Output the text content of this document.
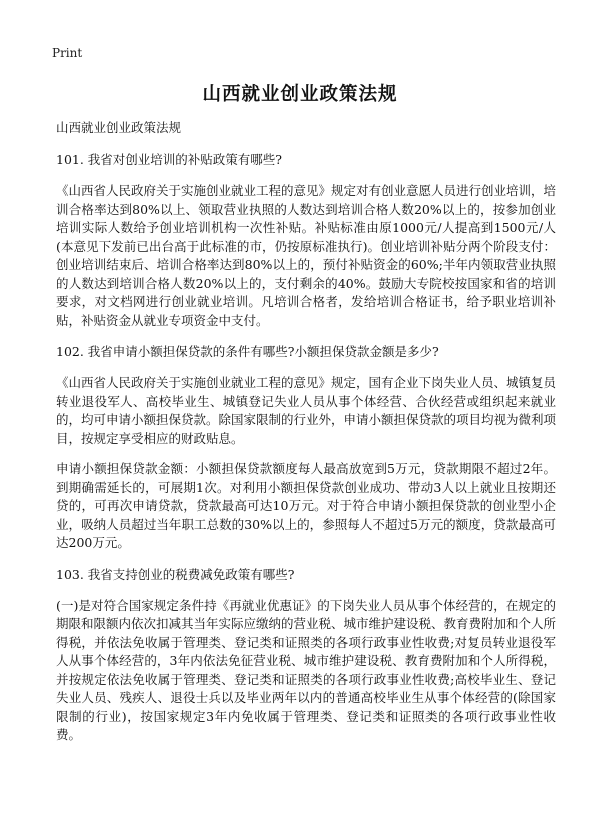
Print
山西就业创业政策法规
山西就业创业政策法规
101. 我省对创业培训的补贴政策有哪些?
《山西省人民政府关于实施创业就业工程的意见》规定对有创业意愿人员进行创业培训，培训合格率达到80%以上、领取营业执照的人数达到培训合格人数20%以上的，按参加创业培训实际人数给予创业培训机构一次性补贴。补贴标准由原1000元/人提高到1500元/人(本意见下发前已出台高于此标准的市，仍按原标准执行)。创业培训补贴分两个阶段支付：创业培训结束后、培训合格率达到80%以上的，预付补贴资金的60%;半年内领取营业执照的人数达到培训合格人数20%以上的，支付剩余的40%。鼓励大专院校按国家和省的培训要求，对文档网进行创业就业培训。凡培训合格者，发给培训合格证书，给予职业培训补贴，补贴资金从就业专项资金中支付。
102. 我省申请小额担保贷款的条件有哪些?小额担保贷款金额是多少?
《山西省人民政府关于实施创业就业工程的意见》规定，国有企业下岗失业人员、城镇复员转业退役军人、高校毕业生、城镇登记失业人员从事个体经营、合伙经营或组织起来就业的，均可申请小额担保贷款。除国家限制的行业外，申请小额担保贷款的项目均视为微利项目，按规定享受相应的财政贴息。
申请小额担保贷款金额：小额担保贷款额度每人最高放宽到5万元，贷款期限不超过2年。到期确需延长的，可展期1次。对利用小额担保贷款创业成功、带动3人以上就业且按期还贷的，可再次申请贷款，贷款最高可达10万元。对于符合申请小额担保贷款的创业型小企业，吸纳人员超过当年职工总数的30%以上的，参照每人不超过5万元的额度，贷款最高可达200万元。
103. 我省支持创业的税费减免政策有哪些?
(一)是对符合国家规定条件持《再就业优惠证》的下岗失业人员从事个体经营的，在规定的期限和限额内依次扣减其当年实际应缴纳的营业税、城市维护建设税、教育费附加和个人所得税，并依法免收属于管理类、登记类和证照类的各项行政事业性收费;对复员转业退役军人从事个体经营的，3年内依法免征营业税、城市维护建设税、教育费附加和个人所得税，并按规定依法免收属于管理类、登记类和证照类的各项行政事业性收费;高校毕业生、登记失业人员、残疾人、退役士兵以及毕业两年以内的普通高校毕业生从事个体经营的(除国家限制的行业)，按国家规定3年内免收属于管理类、登记类和证照类的各项行政事业性收费。
